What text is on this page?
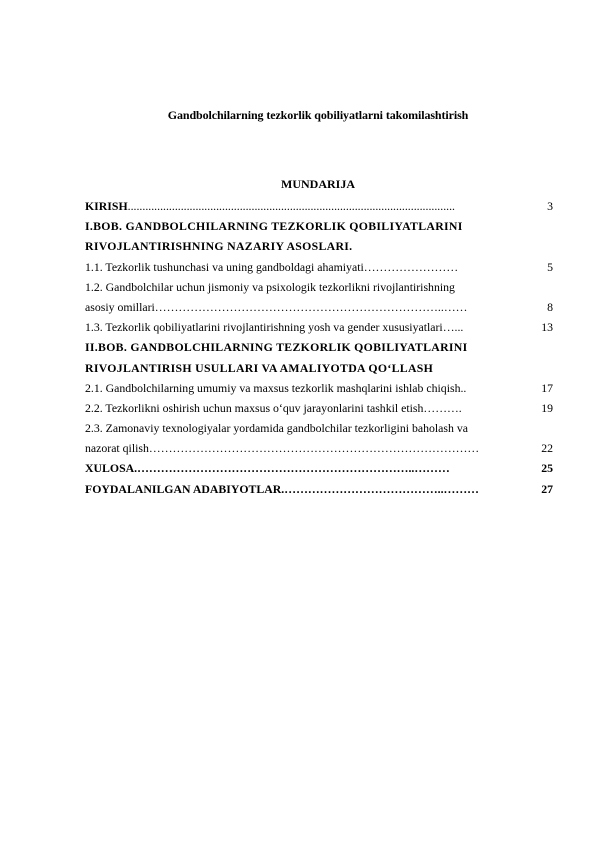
Gandbolchilarning tezkorlik qobiliyatlarni takomilashtirish
MUNDARIJA
KIRISH ...............................................................................................................	3
I.BOB. GANDBOLCHILARNING TEZKORLIK QOBILIYATLARINI
RIVOJLANTIRISHNING NAZARIY ASOSLARI.
1.1. Tezkorlik tushunchasi va uning gandboldagi ahamiyati ……………………	5
1.2. Gandbolchilar uchun jismoniy va psixologik tezkorlikni rivojlantirishning
asosiy omillari ………………………………………………………………..……	8
1.3. Tezkorlik qobiliyatlarini rivojlantirishning yosh va gender xususiyatlari …...	13
II.BOB. GANDBOLCHILARNING TEZKORLIK QOBILIYATLARINI
RIVOJLANTIRISH USULLARI VA AMALIYOTDA QO‘LLASH
2.1. Gandbolchilarning umumiy va maxsus tezkorlik mashqlarini ishlab chiqish ..	17
2.2. Tezkorlikni oshirish uchun maxsus o‘quv jarayonlarini tashkil etish ……….	19
2.3. Zamonaviy texnologiyalar yordamida gandbolchilar tezkorligini baholash va
nazorat qilish …………………………………………………………………………	22
XULOSA. ……………………………………………………………..………	25
FOYDALANILGAN ADABIYOTLAR. …………………………………..………	27
